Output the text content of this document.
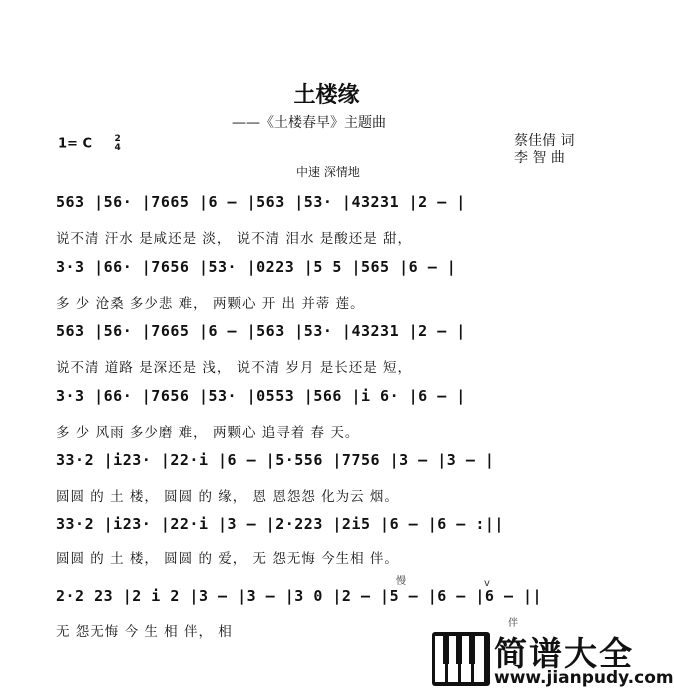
土楼缘
——《土楼春早》主题曲
1= C	2
4	蔡佳倩 词
李 智 曲
中速 深情地
563 |56· |7665 |6 – |563 |53· |43231 |2 – |
说不清 汗水 是咸还是 淡， 说不清 泪水 是酸还是 甜，
3·3 |66· |7656 |53· |0223 |5 5 |565 |6 – |
多 少 沧桑 多少悲 难， 两颗心 开 出 并蒂 莲。
563 |56· |7665 |6 – |563 |53· |43231 |2 – |
说不清 道路 是深还是 浅， 说不清 岁月 是长还是 短，
3·3 |66· |7656 |53· |0553 |566 |i 6· |6 – |
多 少 风雨 多少磨 难， 两颗心 追寻着 春 天。
33·2 |i23· |22·i |6 – |5·556 |7756 |3 – |3 – |
圆圆 的 土 楼， 圆圆 的 缘， 恩 恩怨怨 化为云 烟。
33·2 |i23· |22·i |3 – |2·223 |2i5 |6 – |6 – :||
圆圆 的 土 楼， 圆圆 的 爱， 无 怨无悔 今生相 伴。
慢	v
2·2 23 |2 i 2 |3 – |3 – |3 0 |2 – |5 – |6 – |6 – ||
无 怨无悔 今 生 相 伴， 相
伴
简谱大全
www.jianpudy.com
